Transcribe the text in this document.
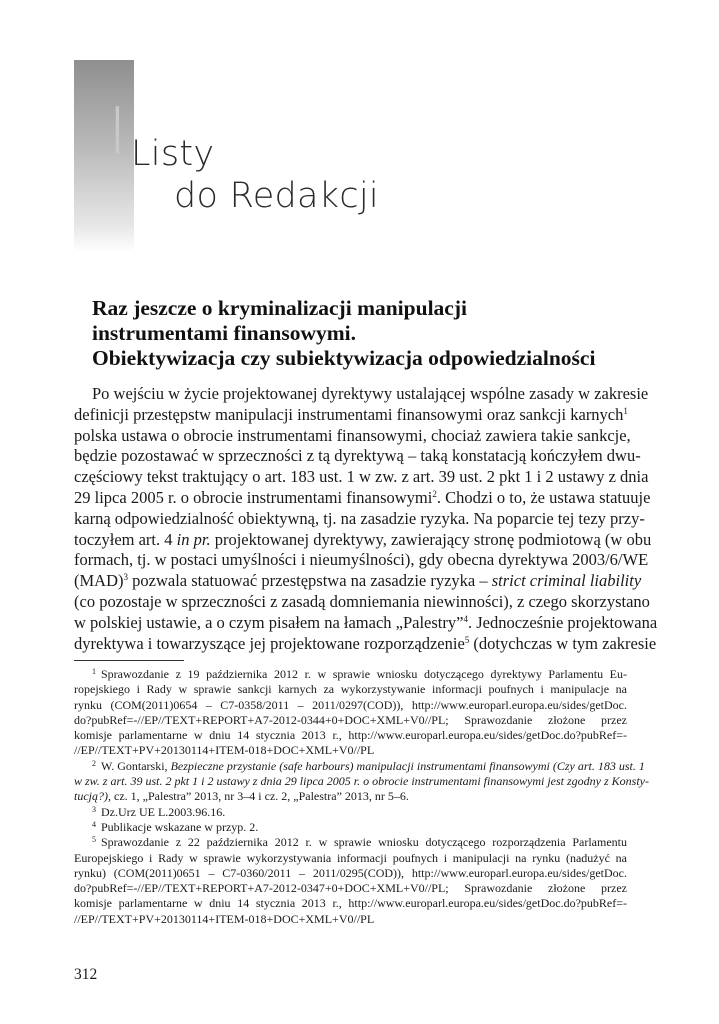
I Listy
do Redakcji
Raz jeszcze o kryminalizacji manipulacji
instrumentami finansowymi.
Obiektywizacja czy subiektywizacja odpowiedzialności
Po wejściu w życie projektowanej dyrektywy ustalającej wspólne zasady w zakresie
definicji przestępstw manipulacji instrumentami finansowymi oraz sankcji karnych$^1$
polska ustawa o obrocie instrumentami finansowymi, chociaż zawiera takie sankcje,
będzie pozostawać w sprzeczności z tą dyrektywą – taką konstatacją kończyłem dwu-
częściowy tekst traktujący o art. 183 ust. 1 w zw. z art. 39 ust. 2 pkt 1 i 2 ustawy z dnia
29 lipca 2005 r. o obrocie instrumentami finansowymi$^2$. Chodzi o to, że ustawa statuuje
karną odpowiedzialność obiektywną, tj. na zasadzie ryzyka. Na poparcie tej tezy przy-
toczyłem art. 4 in pr. projektowanej dyrektywy, zawierający stronę podmiotową (w obu
formach, tj. w postaci umyślności i nieumyślności), gdy obecna dyrektywa 2003/6/WE
(MAD)$^3$ pozwala statuować przestępstwa na zasadzie ryzyka – strict criminal liability
(co pozostaje w sprzeczności z zasadą domniemania niewinności), z czego skorzystano
w polskiej ustawie, a o czym pisałem na łamach „Palestry”$^4$. Jednocześnie projektowana
dyrektywa i towarzyszące jej projektowane rozporządzenie$^5$ (dotychczas w tym zakresie
$^1$ Sprawozdanie z 19 października 2012 r. w sprawie wniosku dotyczącego dyrektywy Parlamentu Eu-
ropejskiego i Rady w sprawie sankcji karnych za wykorzystywanie informacji poufnych i manipulacje na
rynku (COM(2011)0654 – C7-0358/2011 – 2011/0297(COD)), http://www.europarl.europa.eu/sides/getDoc.
do?pubRef=-//EP//TEXT+REPORT+A7-2012-0344+0+DOC+XML+V0//PL; Sprawozdanie złożone przez
komisje parlamentarne w dniu 14 stycznia 2013 r., http://www.europarl.europa.eu/sides/getDoc.do?pubRef=-
//EP//TEXT+PV+20130114+ITEM-018+DOC+XML+V0//PL
$^2$ W. Gontarski, Bezpieczne przystanie (safe harbours) manipulacji instrumentami finansowymi (Czy art. 183 ust. 1
w zw. z art. 39 ust. 2 pkt 1 i 2 ustawy z dnia 29 lipca 2005 r. o obrocie instrumentami finansowymi jest zgodny z Konsty-
tucją?), cz. 1, „Palestra” 2013, nr 3–4 i cz. 2, „Palestra” 2013, nr 5–6.
$^3$ Dz.Urz UE L.2003.96.16.
$^4$ Publikacje wskazane w przyp. 2.
$^5$ Sprawozdanie z 22 października 2012 r. w sprawie wniosku dotyczącego rozporządzenia Parlamentu
Europejskiego i Rady w sprawie wykorzystywania informacji poufnych i manipulacji na rynku (nadużyć na
rynku) (COM(2011)0651 – C7-0360/2011 – 2011/0295(COD)), http://www.europarl.europa.eu/sides/getDoc.
do?pubRef=-//EP//TEXT+REPORT+A7-2012-0347+0+DOC+XML+V0//PL; Sprawozdanie złożone przez
komisje parlamentarne w dniu 14 stycznia 2013 r., http://www.europarl.europa.eu/sides/getDoc.do?pubRef=-
//EP//TEXT+PV+20130114+ITEM-018+DOC+XML+V0//PL
312
